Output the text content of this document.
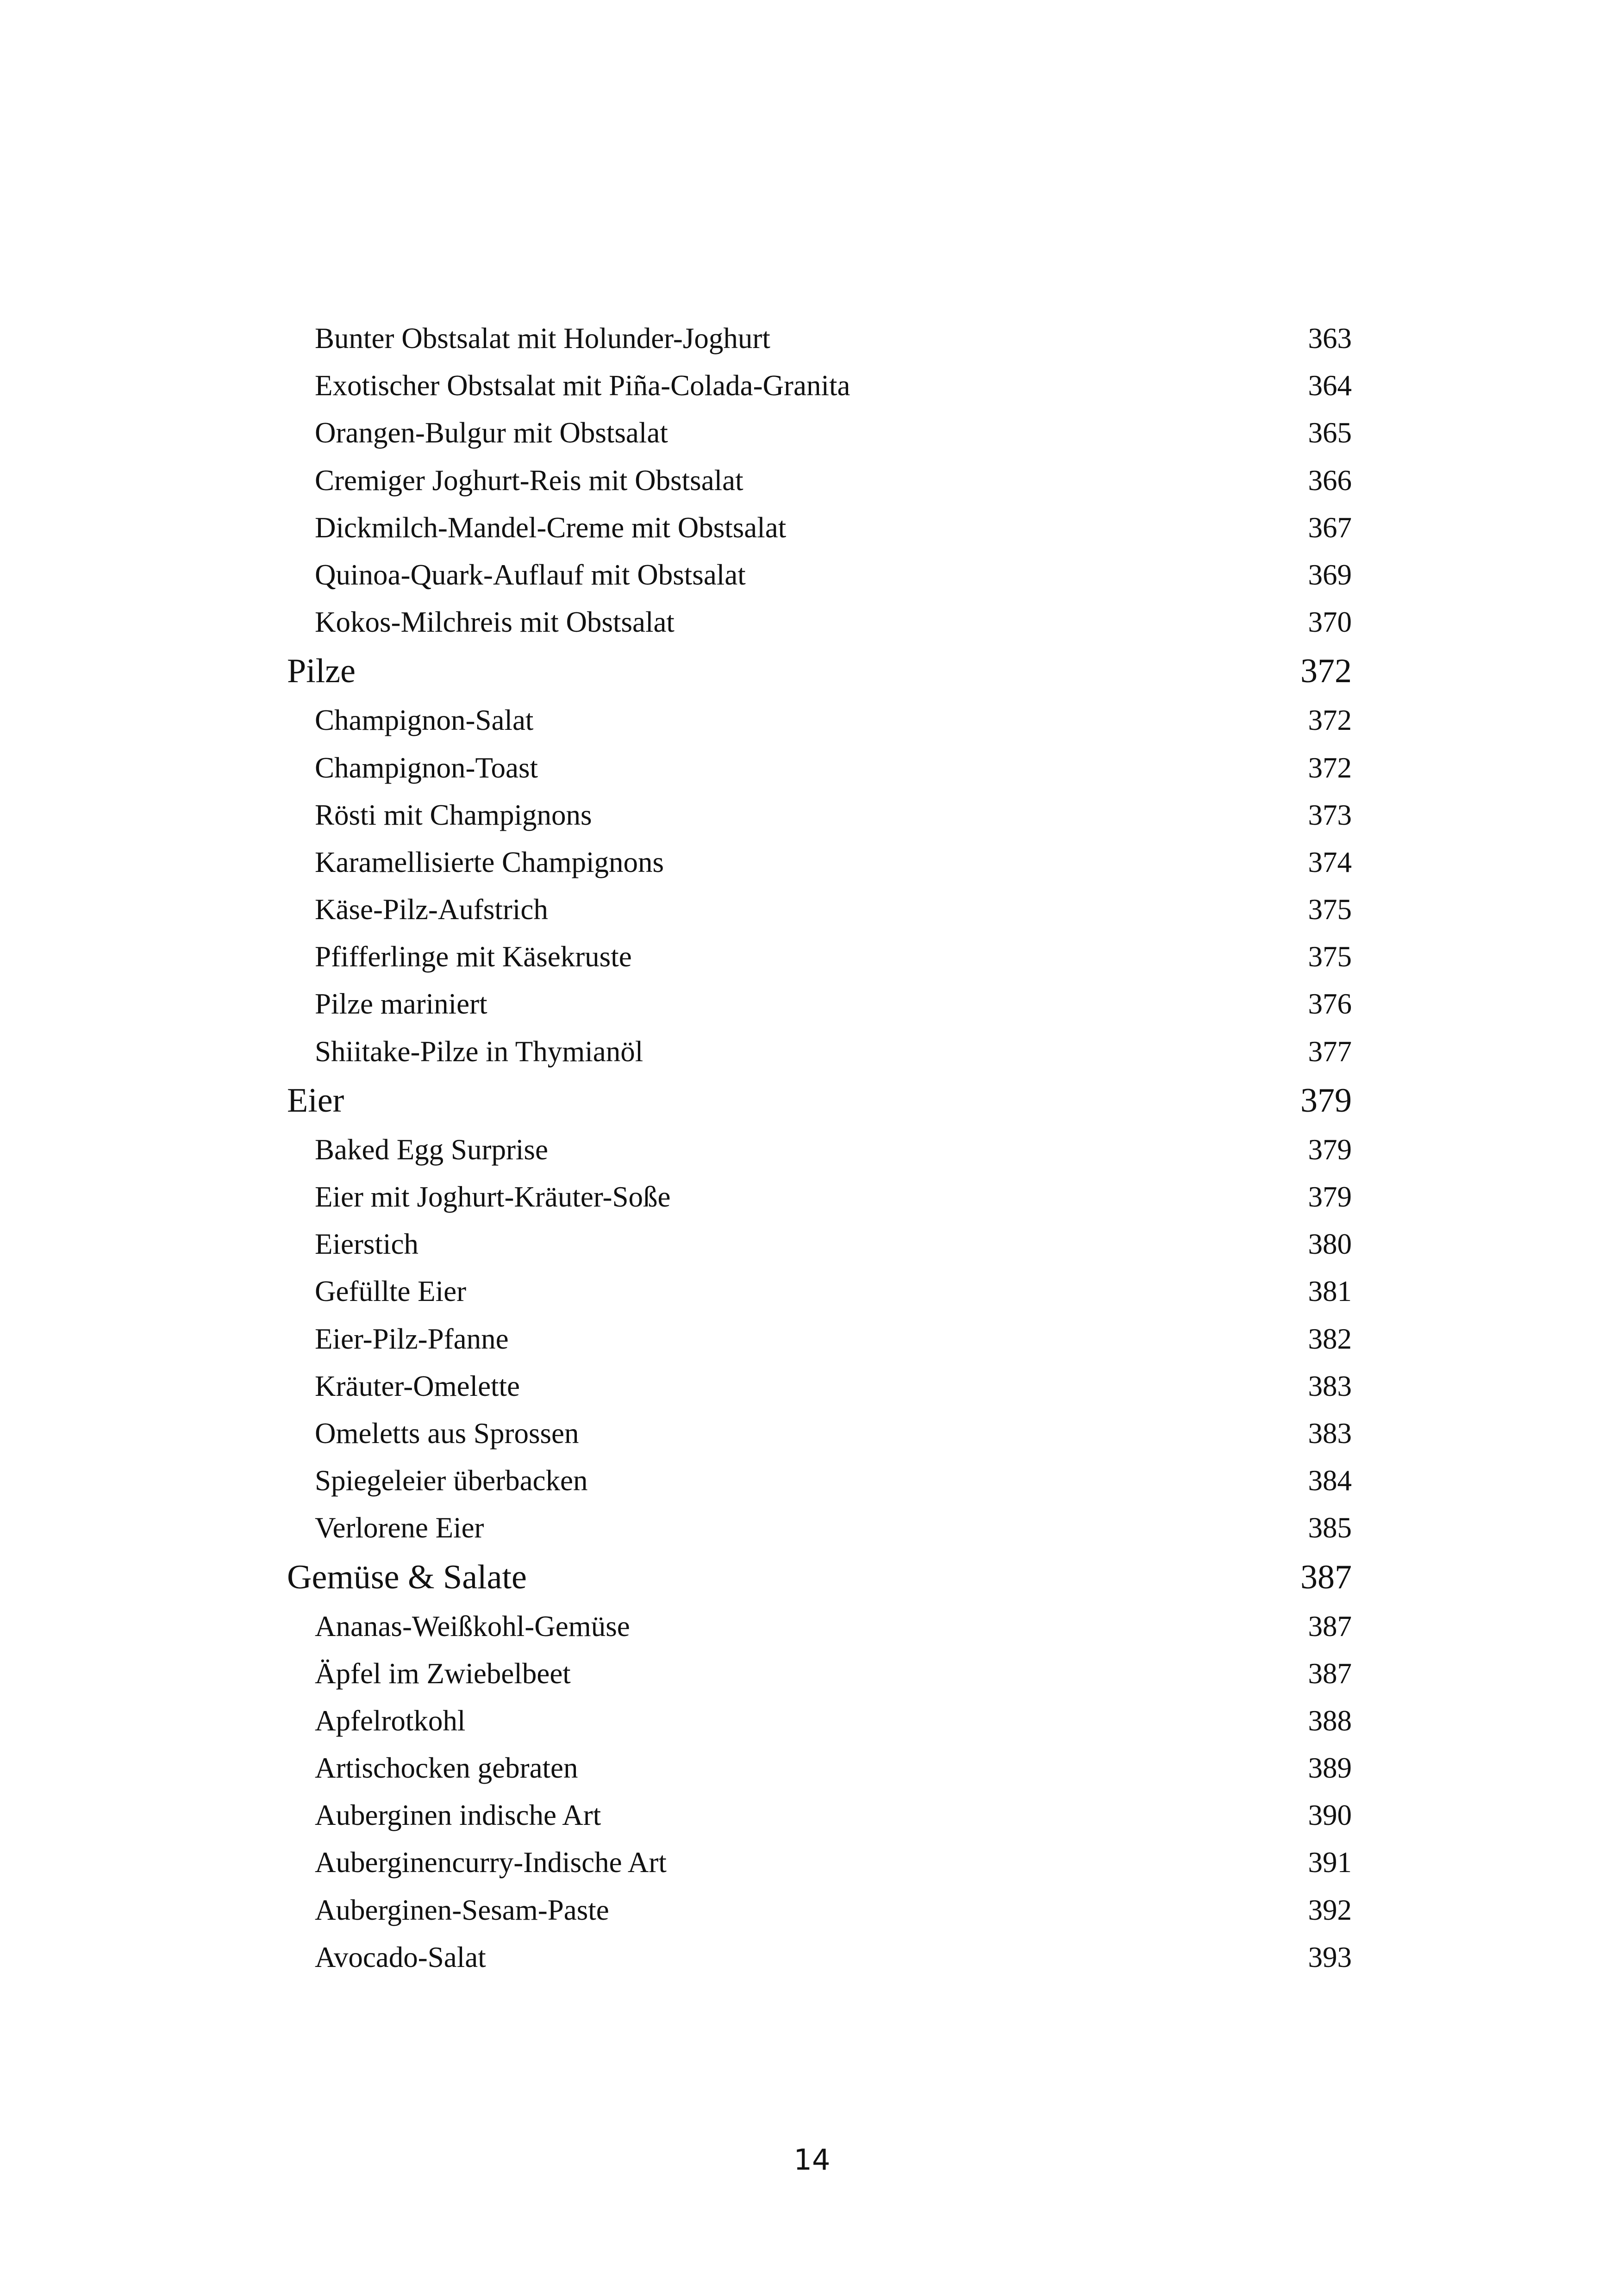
Bunter Obstsalat mit Holunder-Joghurt	363
Exotischer Obstsalat mit Piña-Colada-Granita	364
Orangen-Bulgur mit Obstsalat	365
Cremiger Joghurt-Reis mit Obstsalat	366
Dickmilch-Mandel-Creme mit Obstsalat	367
Quinoa-Quark-Auflauf mit Obstsalat	369
Kokos-Milchreis mit Obstsalat	370
Pilze	372
Champignon-Salat	372
Champignon-Toast	372
Rösti mit Champignons	373
Karamellisierte Champignons	374
Käse-Pilz-Aufstrich	375
Pfifferlinge mit Käsekruste	375
Pilze mariniert	376
Shiitake-Pilze in Thymianöl	377
Eier	379
Baked Egg Surprise	379
Eier mit Joghurt-Kräuter-Soße	379
Eierstich	380
Gefüllte Eier	381
Eier-Pilz-Pfanne	382
Kräuter-Omelette	383
Omeletts aus Sprossen	383
Spiegeleier überbacken	384
Verlorene Eier	385
Gemüse & Salate	387
Ananas-Weißkohl-Gemüse	387
Äpfel im Zwiebelbeet	387
Apfelrotkohl	388
Artischocken gebraten	389
Auberginen indische Art	390
Auberginencurry-Indische Art	391
Auberginen-Sesam-Paste	392
Avocado-Salat	393
14
